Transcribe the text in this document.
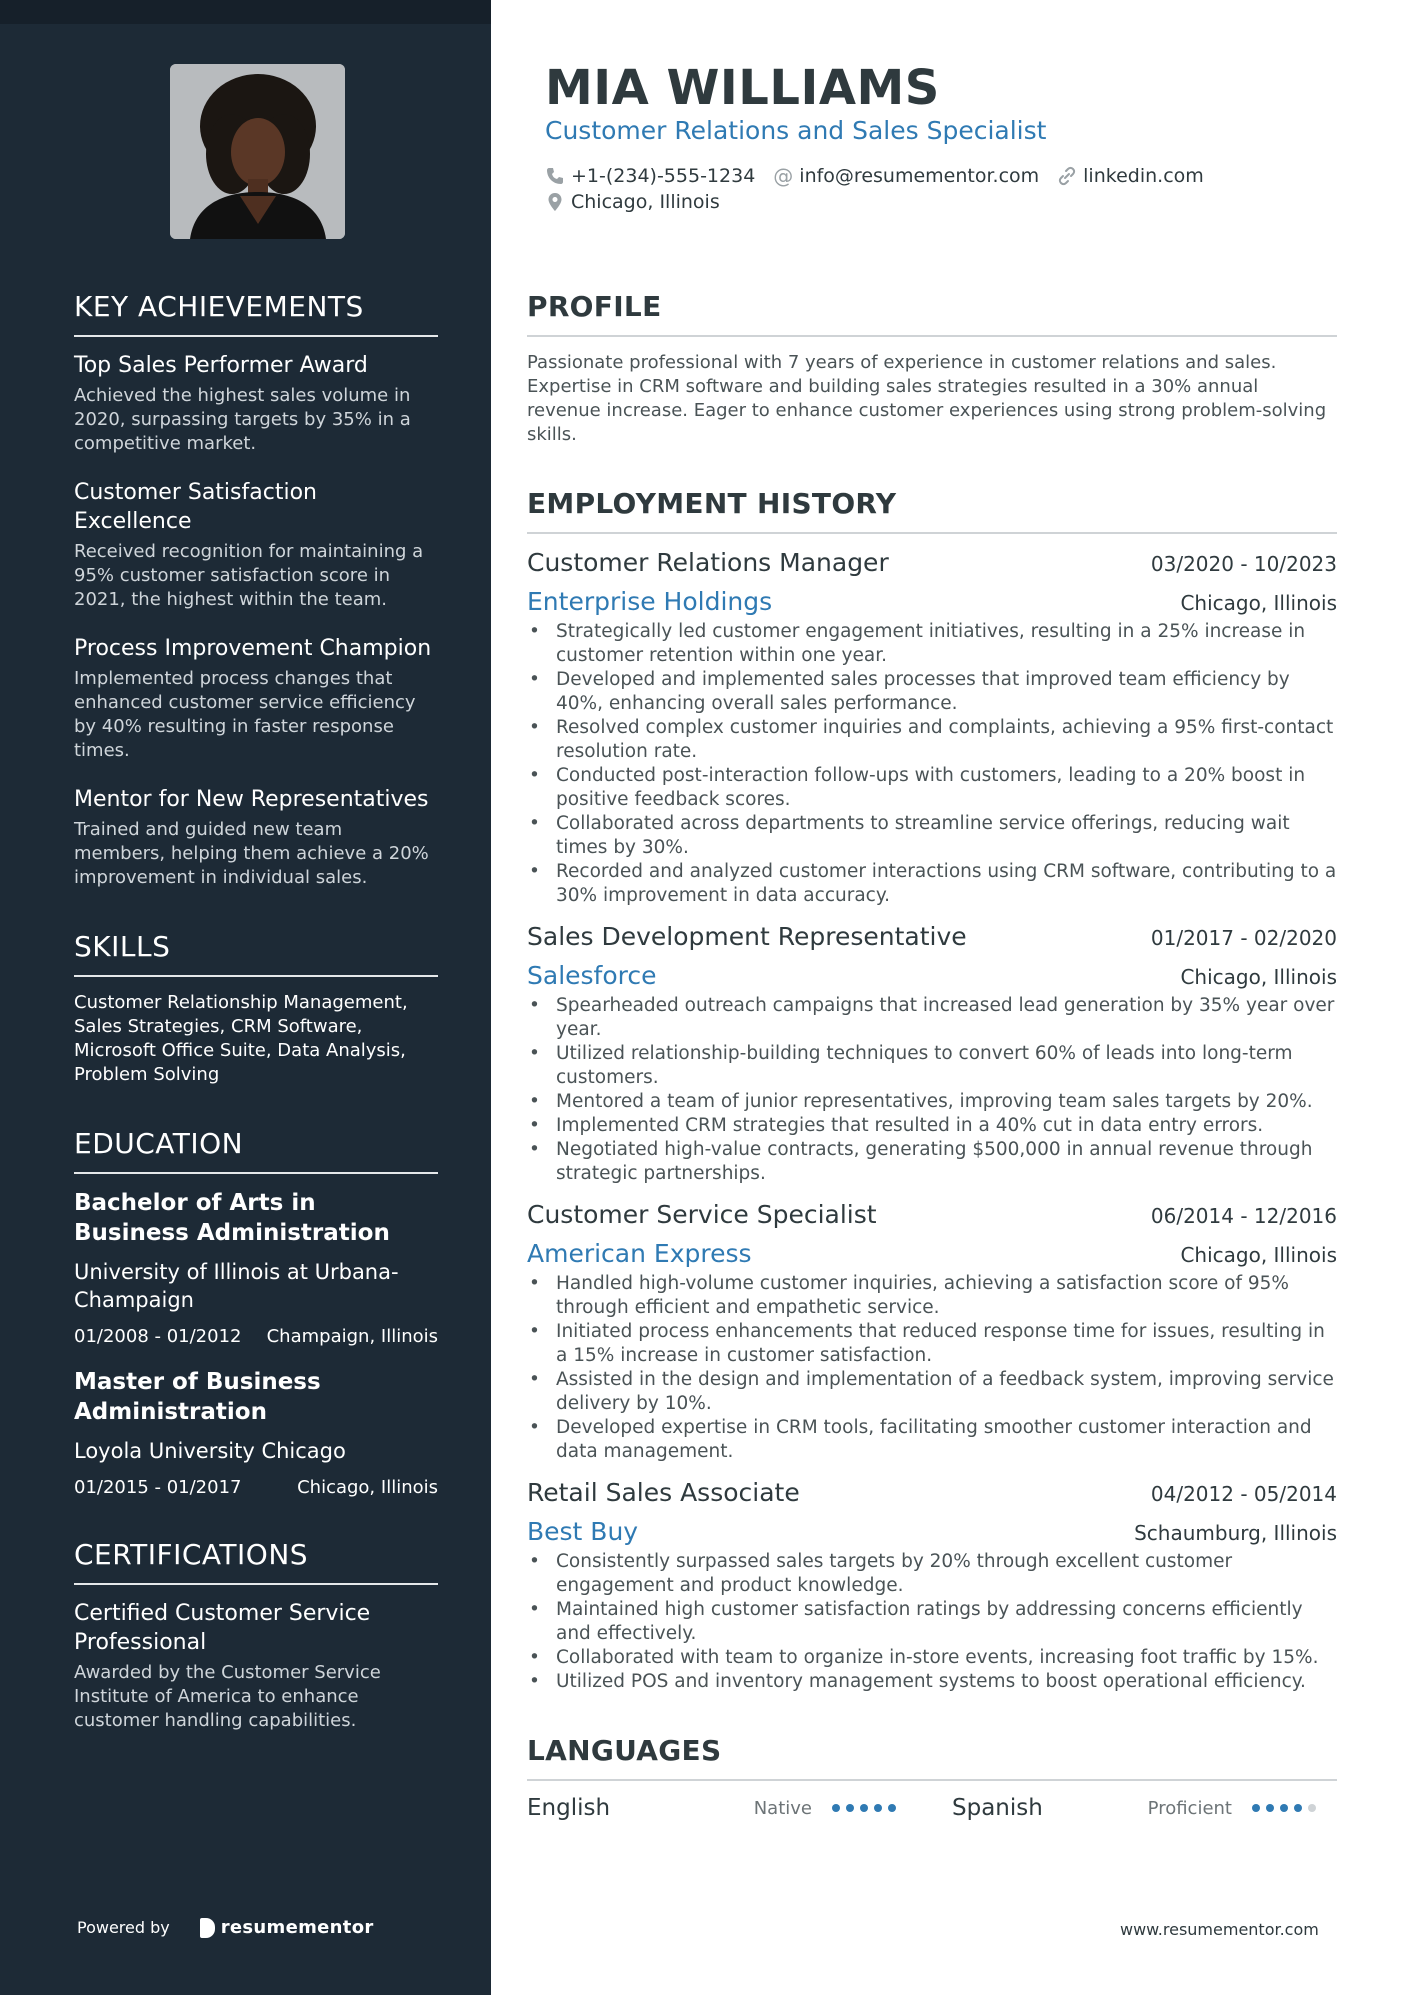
KEY ACHIEVEMENTS
Top Sales Performer Award
Achieved the highest sales volume in 2020, surpassing targets by 35% in a competitive market.
Customer Satisfaction Excellence
Received recognition for maintaining a 95% customer satisfaction score in 2021, the highest within the team.
Process Improvement Champion
Implemented process changes that enhanced customer service efficiency by 40% resulting in faster response times.
Mentor for New Representatives
Trained and guided new team members, helping them achieve a 20% improvement in individual sales.
SKILLS
Customer Relationship Management, Sales Strategies, CRM Software, Microsoft Office Suite, Data Analysis, Problem Solving
EDUCATION
Bachelor of Arts in Business Administration
University of Illinois at Urbana-Champaign
01/2008 - 01/2012 Champaign, Illinois
Master of Business Administration
Loyola University Chicago
01/2015 - 01/2017	Chicago, Illinois
CERTIFICATIONS
Certified Customer Service Professional
Awarded by the Customer Service Institute of America to enhance customer handling capabilities.
Powered by	resumementor
MIA WILLIAMS
Customer Relations and Sales Specialist
+1-(234)-555-1234 @ info@resumementor.com linkedin.com
Chicago, Illinois
PROFILE

Passionate professional with 7 years of experience in customer relations and sales. Expertise in CRM software and building sales strategies resulted in a 30% annual revenue increase. Eager to enhance customer experiences using strong problem-solving skills.

EMPLOYMENT HISTORY
Customer Relations Manager	03/2020 - 10/2023
Enterprise Holdings	Chicago, Illinois
• Strategically led customer engagement initiatives, resulting in a 25% increase in customer retention within one year.
• Developed and implemented sales processes that improved team efficiency by 40%, enhancing overall sales performance.
• Resolved complex customer inquiries and complaints, achieving a 95% first-contact resolution rate.
• Conducted post-interaction follow-ups with customers, leading to a 20% boost in positive feedback scores.
• Collaborated across departments to streamline service offerings, reducing wait times by 30%.
• Recorded and analyzed customer interactions using CRM software, contributing to a 30% improvement in data accuracy.
Sales Development Representative	01/2017 - 02/2020
Salesforce	Chicago, Illinois
• Spearheaded outreach campaigns that increased lead generation by 35% year over year.
• Utilized relationship-building techniques to convert 60% of leads into long-term customers.
• Mentored a team of junior representatives, improving team sales targets by 20%.
• Implemented CRM strategies that resulted in a 40% cut in data entry errors.
• Negotiated high-value contracts, generating $500,000 in annual revenue through strategic partnerships.
Customer Service Specialist	06/2014 - 12/2016
American Express	Chicago, Illinois
• Handled high-volume customer inquiries, achieving a satisfaction score of 95% through efficient and empathetic service.
• Initiated process enhancements that reduced response time for issues, resulting in a 15% increase in customer satisfaction.
• Assisted in the design and implementation of a feedback system, improving service delivery by 10%.
• Developed expertise in CRM tools, facilitating smoother customer interaction and data management.
Retail Sales Associate	04/2012 - 05/2014
Best Buy	Schaumburg, Illinois
• Consistently surpassed sales targets by 20% through excellent customer engagement and product knowledge.
• Maintained high customer satisfaction ratings by addressing concerns efficiently and effectively.
• Collaborated with team to organize in-store events, increasing foot traffic by 15%.
• Utilized POS and inventory management systems to boost operational efficiency.
LANGUAGES
English	Native	Spanish	Proficient
www.resumementor.com
